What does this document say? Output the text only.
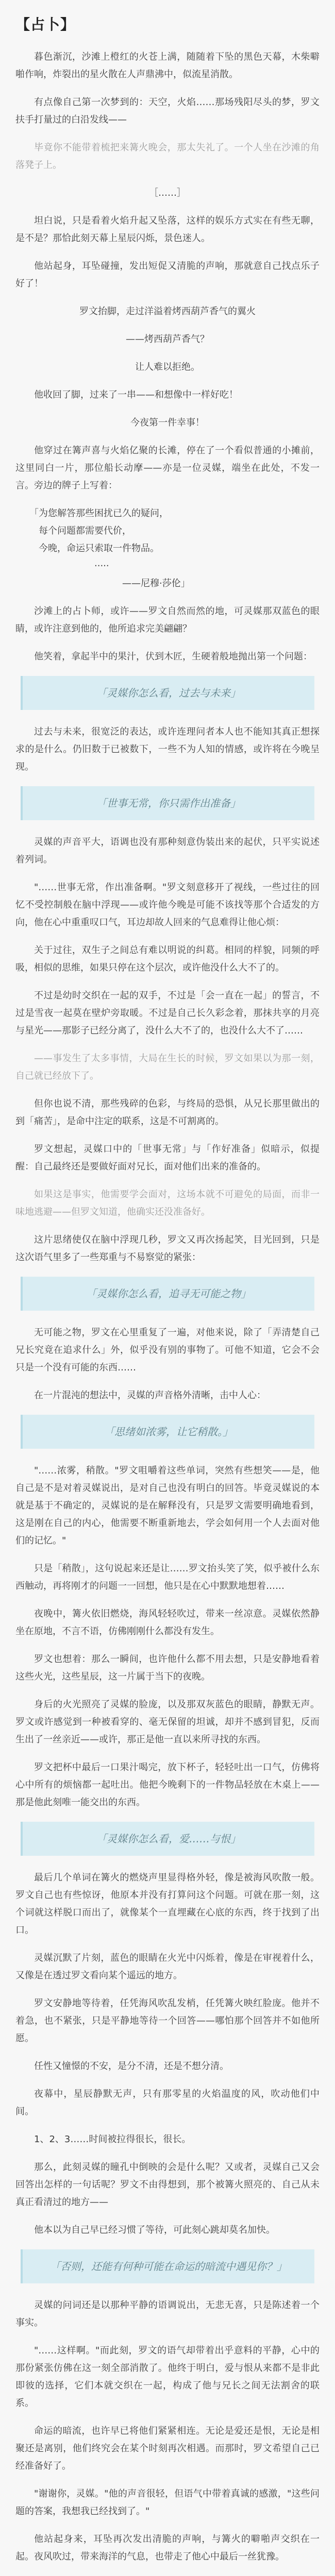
【占卜】

暮色渐沉，沙滩上橙红的火苍上满，随随着下坠的黑色天幕，木柴噼啪作响，炸裂出的星火散在人声鼎沸中，似流星消散。

有点像自己第一次梦到的：天空，火焰……那场残阳尽头的梦，罗文扶手打量过的白沿发线——

毕竟你不能带着梳把来篝火晚会，那太失礼了。一个人坐在沙滩的角落凳子上。

［……］

坦白说，只是看着火焰升起又坠落，这样的娱乐方式实在有些无聊，是不是？那恰此刻天幕上星辰闪烁，景色迷人。

他站起身，耳坠碰撞，发出短促又清脆的声响，那就意自己找点乐子好了！

罗文抬脚，走过洋溢着烤西葫芦香气的翼火

——烤西葫芦香气？

让人难以拒绝。

他收回了脚，过来了一串——和想像中一样好吃！

今夜第一件幸事！

他穿过在篝声喜与火焰亿聚的长滩，停在了一个看似普通的小摊前，这里同白一片，那位船长动摩——亦是一位灵媒，端坐在此处，不发一言。旁边的牌子上写着：

「为您解答那些困扰已久的疑问，
　每个问题都需要代价，
　今晚，命运只索取一件物品。
　　　　　　　·····
　　　　　　　　　　——尼穆·莎伦」

沙滩上的占卜师，或许——罗文自然而然的地，可灵媒那双蓝色的眼睛，或许注意到他的，他所追求完美翩翩？

他笑着，拿起半中的果汁，伏到木匠，生硬着般地抛出第一个问题：

「灵媒你怎么看，过去与未来」

过去与未来，很宽泛的表达，或许连理问者本人也不能知其真正想探求的是什么。仍旧数于已被数下，一些不为人知的情感，或许将在今晚呈现。

「世事无常，你只需作出准备」

灵媒的声音平大，语调也没有那种刻意伪装出来的起伏，只平实说述着列词。

"……世事无常，作出准备啊。"罗文刻意移开了视线，一些过往的回忆不受控制般在脑中浮现——或许他今晚是可能不该找等那个合适发的方向，他在心中重重叹口气，耳边却故人回来的气息难得让他心烦：

关于过往，双生子之间总有难以明说的纠葛。相同的样貌，同频的呼吸，相似的思维，如果只停在这个层次，或许他没什么大不了的。

不过是幼时交织在一起的双手，不过是「会一直在一起」的誓言，不过是雪夜一起莫在壁炉旁取暖。不过是自己长久彩念着，那抹共享的月亮与星光——那影子已经分离了，没什么大不了的，也没什么大不了……

——事发生了太多事情，大局在生长的时候，罗文如果以为那一刻，自己就已经放下了。

但你也说不清，那些残碎的色彩，与终局的恐惧，从兄长那里做出的到「痛苦」，是命中注定的联系，这是不可割离的。

罗文想起，灵媒口中的「世事无常」与「作好准备」似暗示，似提醒：自己最终还是要做好面对兄长，面对他们出来的准备的。

如果这是事实，他需要学会面对，这场本就不可避免的局面，而非一味地逃避——但罗文知道，他确实还没准备好。

这片思绪使仅在脑中浮现几秒，罗文又再次扬起笑，目光回到，只是这次语气里多了一些郑重与不易察觉的紧张：

「灵媒你怎么看，追寻无可能之物」

无可能之物，罗文在心里重复了一遍，对他来说，除了「弄清楚自己兄长究竟在追求什么」外，似乎没有别的事物了。可他不知道，它会不会只是一个没有可能的东西……

在一片混沌的想法中，灵媒的声音格外清晰，击中人心：

「思绪如浓雾，让它稍散。」

"……浓雾，稍散。"罗文咀嚼着这些单词，突然有些想笑——是，他自己是不是对着灵媒说出，是对自己也没有明白的回答。毕竟灵媒说的本就是基于不确定的，灵媒说的是在解释没有，只是罗文需要明确地看到，这是刚在自己的内心，他需要不断重新地去，学会如何用一个人去面对他们的记忆。"

只是「稍散」，这句说起来还是让……罗文抬头笑了笑，似乎被什么东西触动，再将刚才的问题一一回想，他只是在心中默默地想着……

夜晚中，篝火依旧燃烧，海风轻轻吹过，带来一丝凉意。灵媒依然静坐在原地，不言不语，仿佛刚刚什么都没有发生。

罗文也想着：那么一瞬间，也许他什么都不用去想，只是安静地看着这些火光，这些星辰，这一片属于当下的夜晚。

身后的火光照亮了灵媒的脸庞，以及那双灰蓝色的眼睛，静默无声。罗文或许感觉到一种被看穿的、毫无保留的坦诚，却并不感到冒犯，反而生出了一丝亲近——或许，那正是他一直以来所寻找的东西。

罗文把杯中最后一口果汁喝完，放下杯子，轻轻吐出一口气，仿佛将心中所有的烦恼都一起吐出。他把今晚剩下的一件物品轻放在木桌上——那是他此刻唯一能交出的东西。

「灵媒你怎么看，爱……与恨」

最后几个单词在篝火的燃烧声里显得格外轻，像是被海风吹散一般。罗文自己也有些惊讶，他原本并没有打算问这个问题。可就在那一刻，这个词就这样脱口而出了，就像某个一直埋藏在心底的东西，终于找到了出口。

灵媒沉默了片刻，蓝色的眼睛在火光中闪烁着，像是在审视着什么，又像是在透过罗文看向某个遥远的地方。

罗文安静地等待着，任凭海风吹乱发梢，任凭篝火映红脸庞。他并不着急，也不紧张，只是平静地等待一个回答——哪怕那个回答并不如他所愿。

任性又憧憬的不安，是分不清，还是不想分清。

夜幕中，星辰静默无声，只有那零星的火焰温度的风，吹动他们中间。

1、2、3……时间被拉得很长，很长。

那么，此刻灵媒的瞳孔中倒映的会是什么呢？又或者，灵媒自己又会回答出怎样的一句话呢？罗文不由得想到，那个被篝火照亮的、自己从未真正看清过的地方——

他本以为自己早已经习惯了等待，可此刻心跳却莫名加快。

「否则，还能有何种可能在命运的暗流中遇见你？」

灵媒的问词还是以那种平静的语调说出，无悲无喜，只是陈述着一个事实。

"……这样啊。"而此刻，罗文的语气却带着出乎意料的平静，心中的那份紧张仿佛在这一刻全部消散了。他终于明白，爱与恨从来都不是非此即彼的选择，它们本就交织在一起，构成了他与兄长之间无法割舍的联系。

命运的暗流，也许早已将他们紧紧相连。无论是爱还是恨，无论是相聚还是离别，他们终究会在某个时刻再次相遇。而那时，罗文希望自己已经准备好了。

"谢谢你，灵媒。"他的声音很轻，但语气中带着真诚的感激，"这些问题的答案，我想我已经找到了。"

他站起身来，耳坠再次发出清脆的声响，与篝火的噼啪声交织在一起。夜风吹过，带来海洋的气息，也带走了他心中最后一丝犹豫。
